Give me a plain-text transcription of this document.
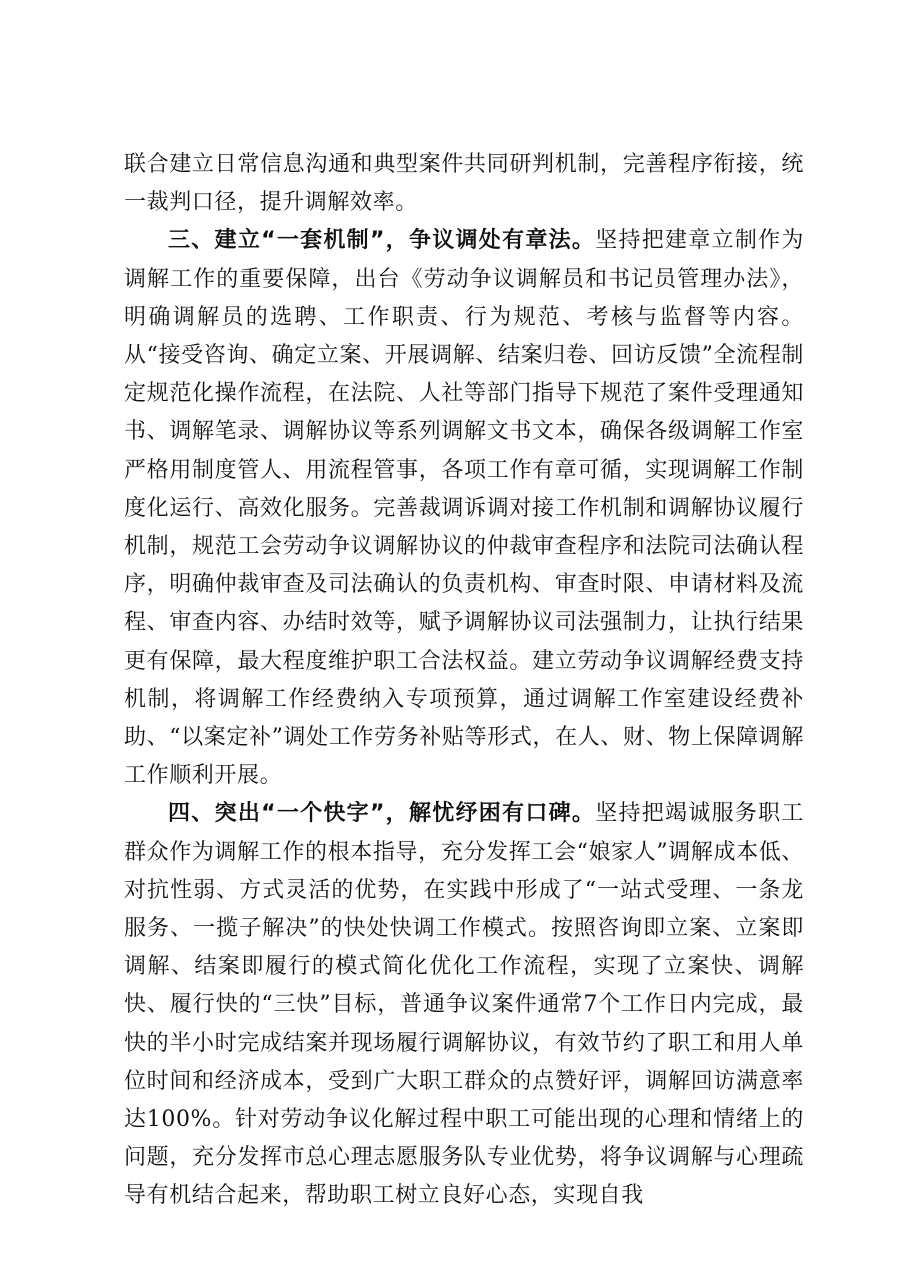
联合建立日常信息沟通和典型案件共同研判机制，完善程序衔接，统一裁判口径，提升调解效率。

三、建立“一套机制”，争议调处有章法。坚持把建章立制作为调解工作的重要保障，出台《劳动争议调解员和书记员管理办法》，明确调解员的选聘、工作职责、行为规范、考核与监督等内容。从“接受咨询、确定立案、开展调解、结案归卷、回访反馈”全流程制定规范化操作流程，在法院、人社等部门指导下规范了案件受理通知书、调解笔录、调解协议等系列调解文书文本，确保各级调解工作室严格用制度管人、用流程管事，各项工作有章可循，实现调解工作制度化运行、高效化服务。完善裁调诉调对接工作机制和调解协议履行机制，规范工会劳动争议调解协议的仲裁审查程序和法院司法确认程序，明确仲裁审查及司法确认的负责机构、审查时限、申请材料及流程、审查内容、办结时效等，赋予调解协议司法强制力，让执行结果更有保障，最大程度维护职工合法权益。建立劳动争议调解经费支持机制，将调解工作经费纳入专项预算，通过调解工作室建设经费补助、“以案定补”调处工作劳务补贴等形式，在人、财、物上保障调解工作顺利开展。

四、突出“一个快字”，解忧纾困有口碑。坚持把竭诚服务职工群众作为调解工作的根本指导，充分发挥工会“娘家人”调解成本低、对抗性弱、方式灵活的优势，在实践中形成了“一站式受理、一条龙服务、一揽子解决”的快处快调工作模式。按照咨询即立案、立案即调解、结案即履行的模式简化优化工作流程，实现了立案快、调解快、履行快的“三快”目标，普通争议案件通常7个工作日内完成，最快的半小时完成结案并现场履行调解协议，有效节约了职工和用人单位时间和经济成本，受到广大职工群众的点赞好评，调解回访满意率达100%。针对劳动争议化解过程中职工可能出现的心理和情绪上的问题，充分发挥市总心理志愿服务队专业优势，将争议调解与心理疏导有机结合起来，帮助职工树立良好心态，实现自我
